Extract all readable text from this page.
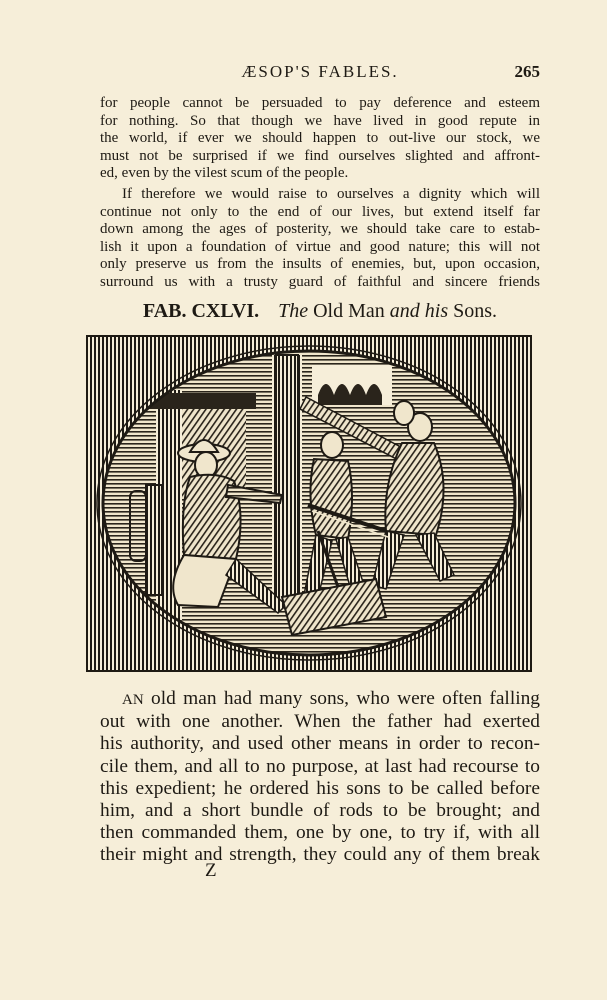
ÆSOP'S FABLES.	265
for people cannot be persuaded to pay deference and esteem
for nothing. So that though we have lived in good repute in
the world, if ever we should happen to out-live our stock, we
must not be surprised if we find ourselves slighted and affront-
ed, even by the vilest scum of the people.
If therefore we would raise to ourselves a dignity which will
continue not only to the end of our lives, but extend itself far
down among the ages of posterity, we should take care to estab-
lish it upon a foundation of virtue and good nature; this will not
only preserve us from the insults of enemies, but, upon occasion,
surround us with a trusty guard of faithful and sincere friends
FAB. CXLVI. The Old Man and his Sons.
AN old man had many sons, who were often falling
out with one another. When the father had exerted
his authority, and used other means in order to recon-
cile them, and all to no purpose, at last had recourse to
this expedient; he ordered his sons to be called before
him, and a short bundle of rods to be brought; and
then commanded them, one by one, to try if, with all
their might and strength, they could any of them break
Z
